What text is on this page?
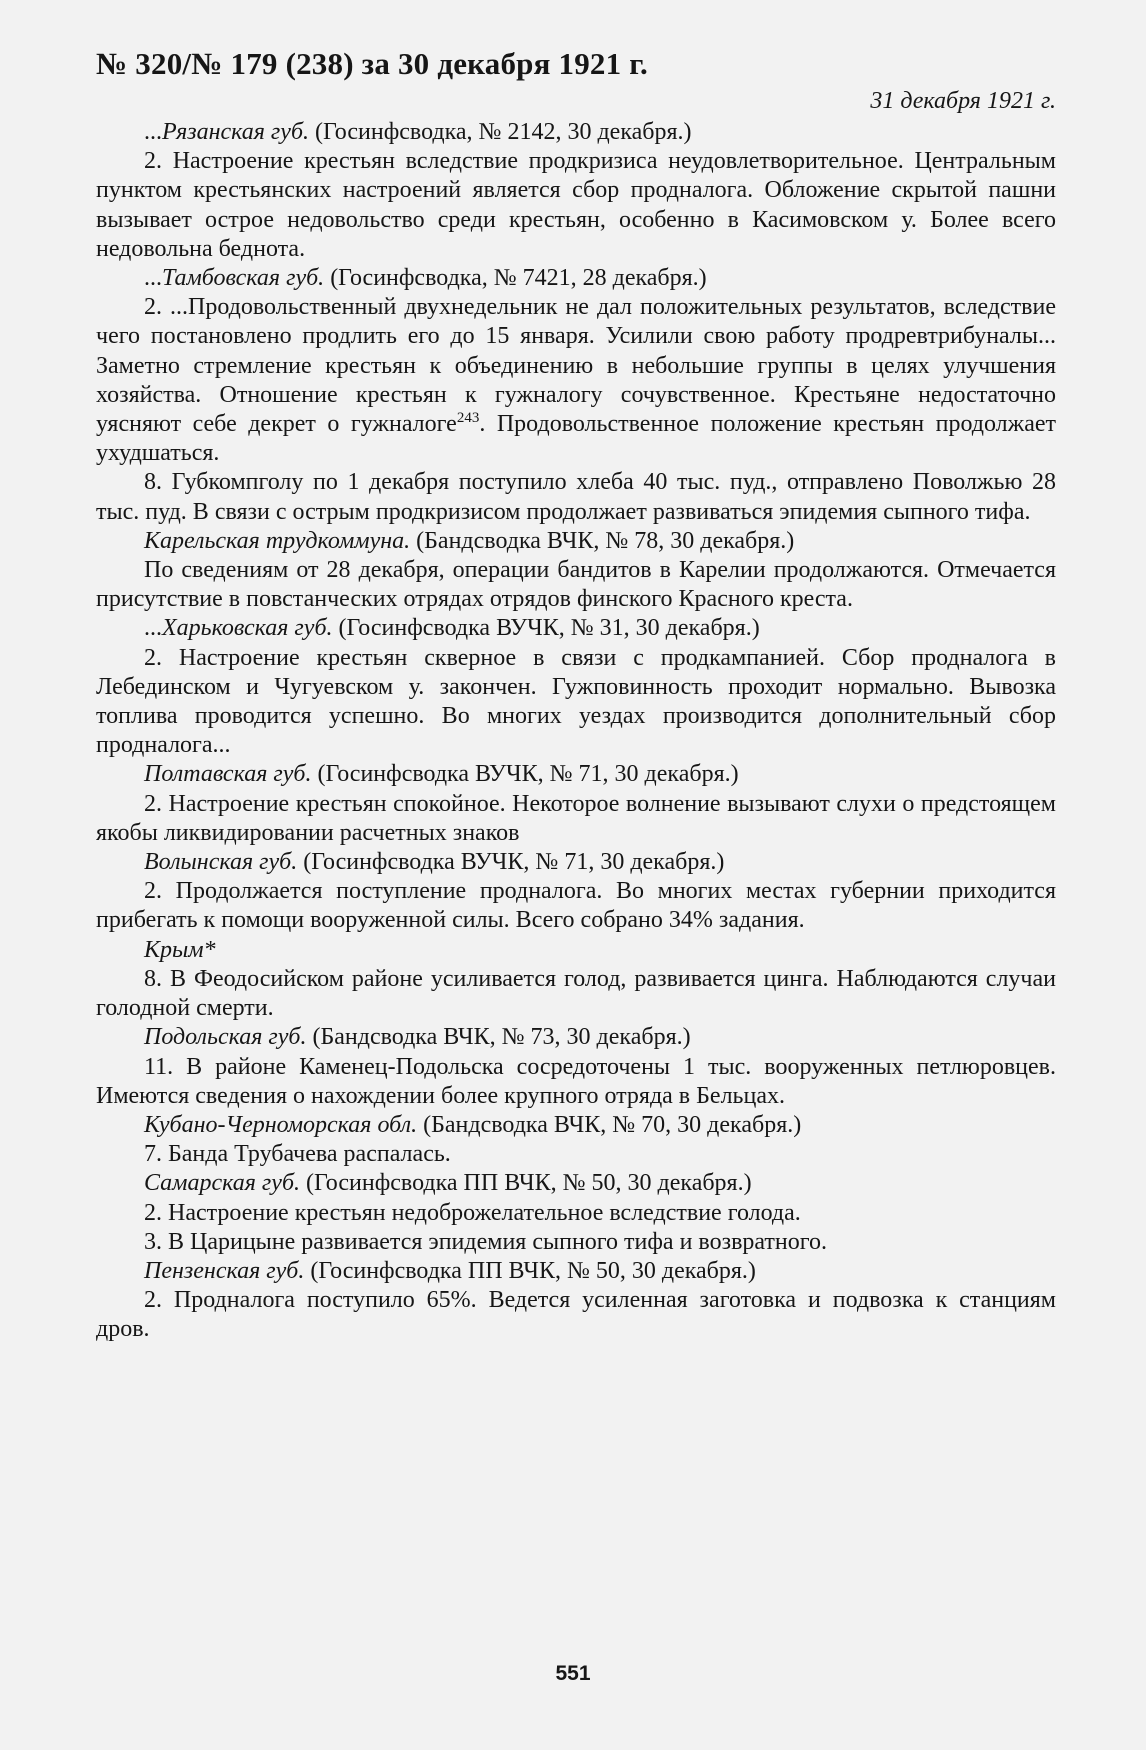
№ 320/№ 179 (238) за 30 декабря 1921 г.

31 декабря 1921 г.

...Рязанская губ. (Госинфсводка, № 2142, 30 декабря.)

2. Настроение крестьян вследствие продкризиса неудовлетворительное. Центральным пунктом крестьянских настроений является сбор продналога. Обложение скрытой пашни вызывает острое недовольство среди крестьян, особенно в Касимовском у. Более всего недовольна беднота.

...Тамбовская губ. (Госинфсводка, № 7421, 28 декабря.)

2. ...Продовольственный двухнедельник не дал положительных результатов, вследствие чего постановлено продлить его до 15 января. Усилили свою работу продревтрибуналы... Заметно стремление крестьян к объединению в небольшие группы в целях улучшения хозяйства. Отношение крестьян к гужналогу сочувственное. Крестьяне недостаточно уясняют себе декрет о гужналоге$^{243}$. Продовольственное положение крестьян продолжает ухудшаться.

8. Губкомпголу по 1 декабря поступило хлеба 40 тыс. пуд., отправлено Поволжью 28 тыс. пуд. В связи с острым продкризисом продолжает развиваться эпидемия сыпного тифа.

Карельская трудкоммуна. (Бандсводка ВЧК, № 78, 30 декабря.)

По сведениям от 28 декабря, операции бандитов в Карелии продолжаются. Отмечается присутствие в повстанческих отрядах отрядов финского Красного креста.

...Харьковская губ. (Госинфсводка ВУЧК, № 31, 30 декабря.)

2. Настроение крестьян скверное в связи с продкампанией. Сбор продналога в Лебединском и Чугуевском у. закончен. Гужповинность проходит нормально. Вывозка топлива проводится успешно. Во многих уездах производится дополнительный сбор продналога...

Полтавская губ. (Госинфсводка ВУЧК, № 71, 30 декабря.)

2. Настроение крестьян спокойное. Некоторое волнение вызывают слухи о предстоящем якобы ликвидировании расчетных знаков

Волынская губ. (Госинфсводка ВУЧК, № 71, 30 декабря.)

2. Продолжается поступление продналога. Во многих местах губернии приходится прибегать к помощи вооруженной силы. Всего собрано 34% задания.

Крым*

8. В Феодосийском районе усиливается голод, развивается цинга. Наблюдаются случаи голодной смерти.

Подольская губ. (Бандсводка ВЧК, № 73, 30 декабря.)

11. В районе Каменец-Подольска сосредоточены 1 тыс. вооруженных петлюровцев. Имеются сведения о нахождении более крупного отряда в Бельцах.

Кубано-Черноморская обл. (Бандсводка ВЧК, № 70, 30 декабря.)

7. Банда Трубачева распалась.

Самарская губ. (Госинфсводка ПП ВЧК, № 50, 30 декабря.)

2. Настроение крестьян недоброжелательное вследствие голода.

3. В Царицыне развивается эпидемия сыпного тифа и возвратного.

Пензенская губ. (Госинфсводка ПП ВЧК, № 50, 30 декабря.)

2. Продналога поступило 65%. Ведется усиленная заготовка и подвозка к станциям дров.

551
